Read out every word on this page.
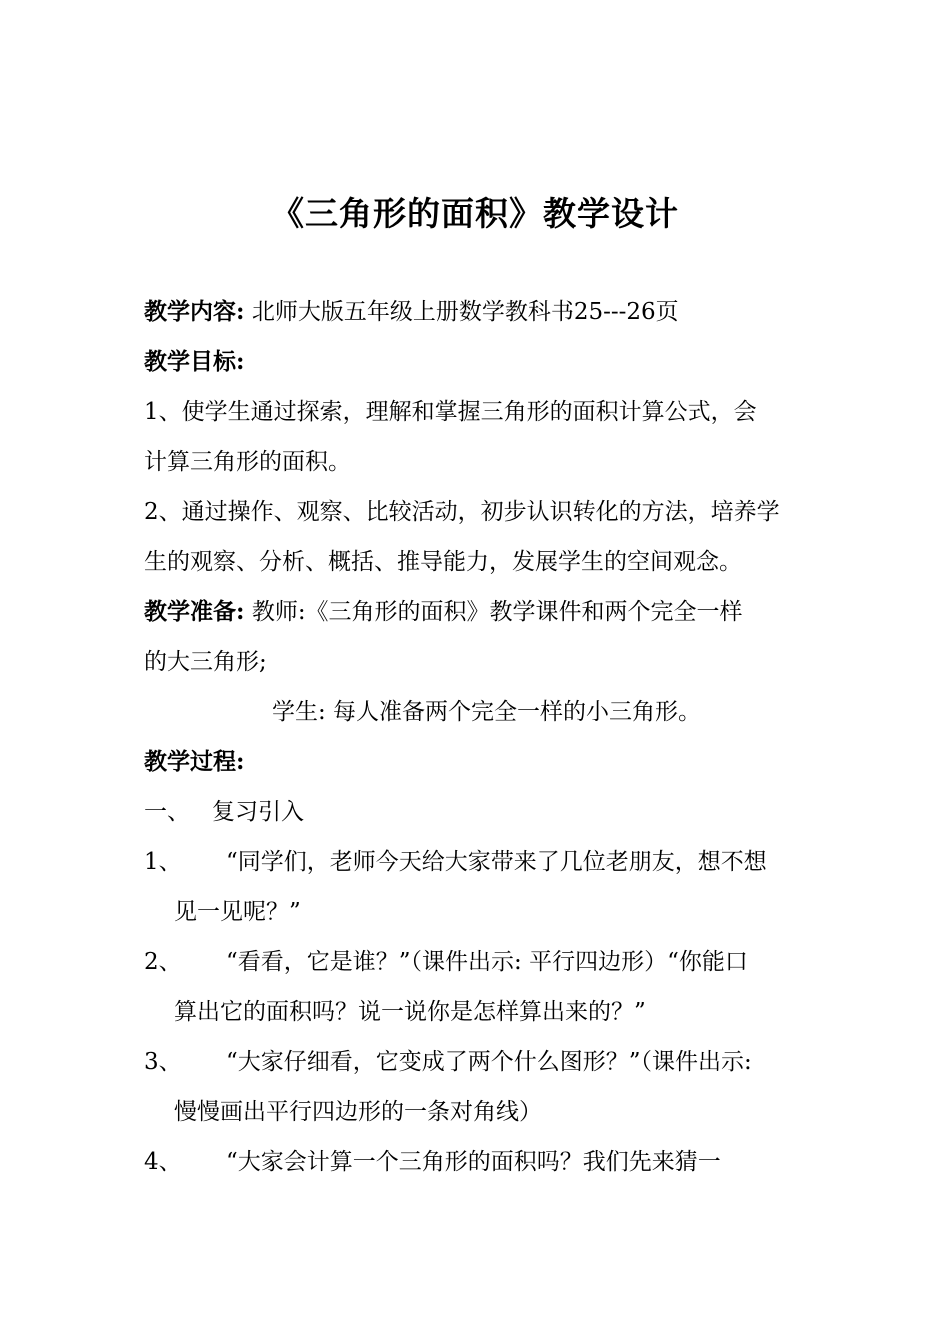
《三角形的面积》教学设计
教学内容: 北师大版五年级上册数学教科书25---26页
教学目标:
1、使学生通过探索，理解和掌握三角形的面积计算公式，会
计算三角形的面积。
2、通过操作、观察、比较活动，初步认识转化的方法，培养学
生的观察、分析、概括、推导能力，发展学生的空间观念。
教学准备: 教师:《三角形的面积》教学课件和两个完全一样
的大三角形;
学生: 每人准备两个完全一样的小三角形。
教学过程:
一、 复习引入
1、 “同学们，老师今天给大家带来了几位老朋友，想不想
见一见呢？”
2、 “看看，它是谁？”（课件出示: 平行四边形）“你能口
算出它的面积吗？说一说你是怎样算出来的？”
3、 “大家仔细看，它变成了两个什么图形？”（课件出示:
慢慢画出平行四边形的一条对角线）
4、 “大家会计算一个三角形的面积吗？我们先来猜一
